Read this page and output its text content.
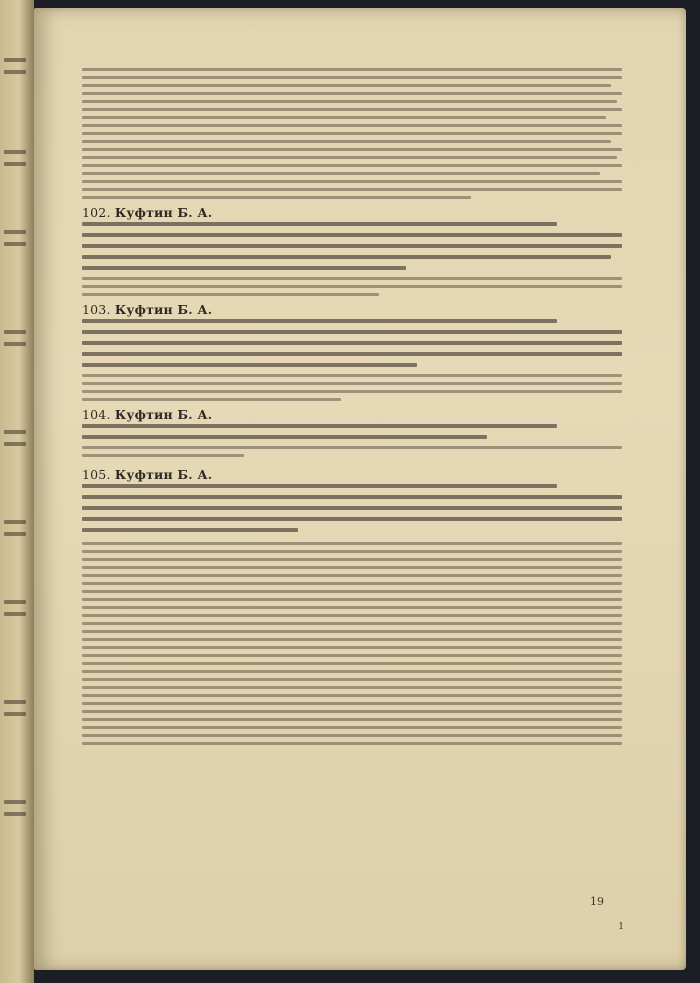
102. Куфтин Б. А.
103. Куфтин Б. А.
104. Куфтин Б. А.
105. Куфтин Б. А.
19
1
